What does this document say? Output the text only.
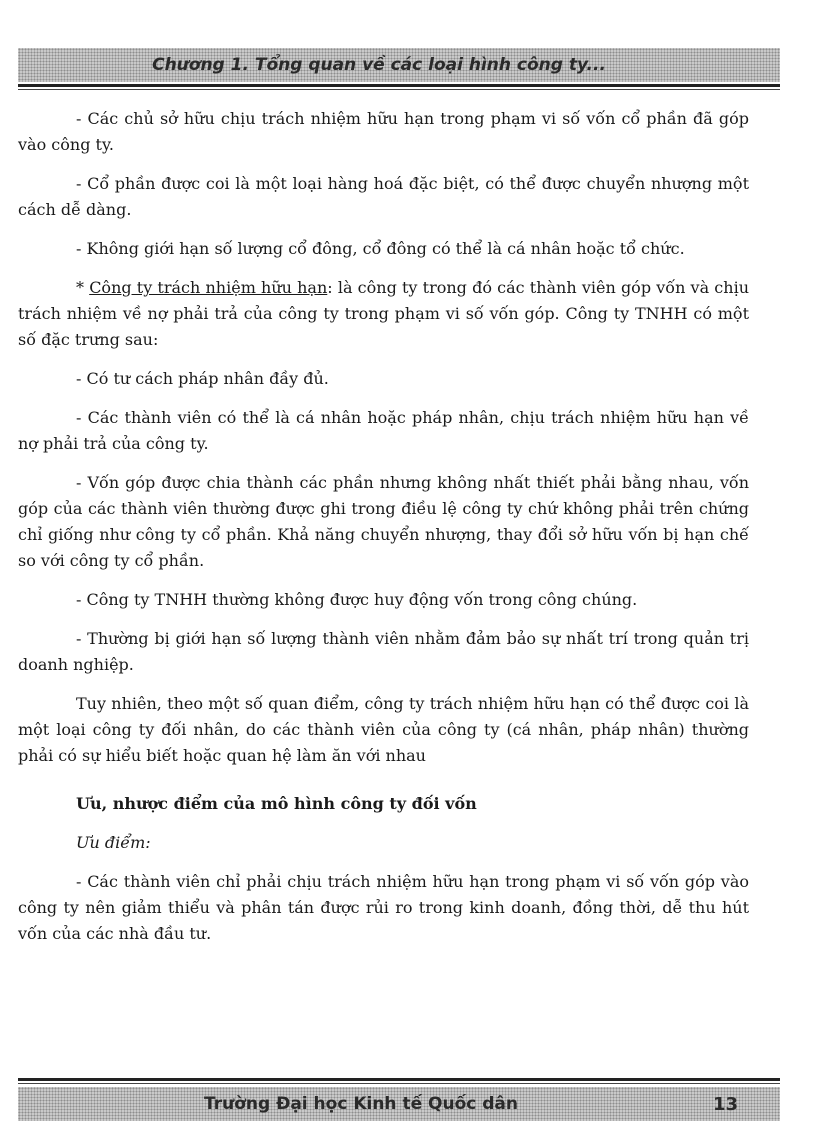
Chương 1. Tổng quan về các loại hình công ty...

- Các chủ sở hữu chịu trách nhiệm hữu hạn trong phạm vi số vốn cổ phần đã góp vào công ty.

- Cổ phần được coi là một loại hàng hoá đặc biệt, có thể được chuyển nhượng một cách dễ dàng.

- Không giới hạn số lượng cổ đông, cổ đông có thể là cá nhân hoặc tổ chức.

* Công ty trách nhiệm hữu hạn: là công ty trong đó các thành viên góp vốn và chịu trách nhiệm về nợ phải trả của công ty trong phạm vi số vốn góp. Công ty TNHH có một số đặc trưng sau:

- Có tư cách pháp nhân đầy đủ.

- Các thành viên có thể là cá nhân hoặc pháp nhân, chịu trách nhiệm hữu hạn về nợ phải trả của công ty.

- Vốn góp được chia thành các phần nhưng không nhất thiết phải bằng nhau, vốn góp của các thành viên thường được ghi trong điều lệ công ty chứ không phải trên chứng chỉ giống như công ty cổ phần. Khả năng chuyển nhượng, thay đổi sở hữu vốn bị hạn chế so với công ty cổ phần.

- Công ty TNHH thường không được huy động vốn trong công chúng.

- Thường bị giới hạn số lượng thành viên nhằm đảm bảo sự nhất trí trong quản trị doanh nghiệp.

Tuy nhiên, theo một số quan điểm, công ty trách nhiệm hữu hạn có thể được coi là một loại công ty đối nhân, do các thành viên của công ty (cá nhân, pháp nhân) thường phải có sự hiểu biết hoặc quan hệ làm ăn với nhau

Ưu, nhược điểm của mô hình công ty đối vốn

Ưu điểm:

- Các thành viên chỉ phải chịu trách nhiệm hữu hạn trong phạm vi số vốn góp vào công ty nên giảm thiểu và phân tán được rủi ro trong kinh doanh, đồng thời, dễ thu hút vốn của các nhà đầu tư.

Trường Đại học Kinh tế Quốc dân	13
